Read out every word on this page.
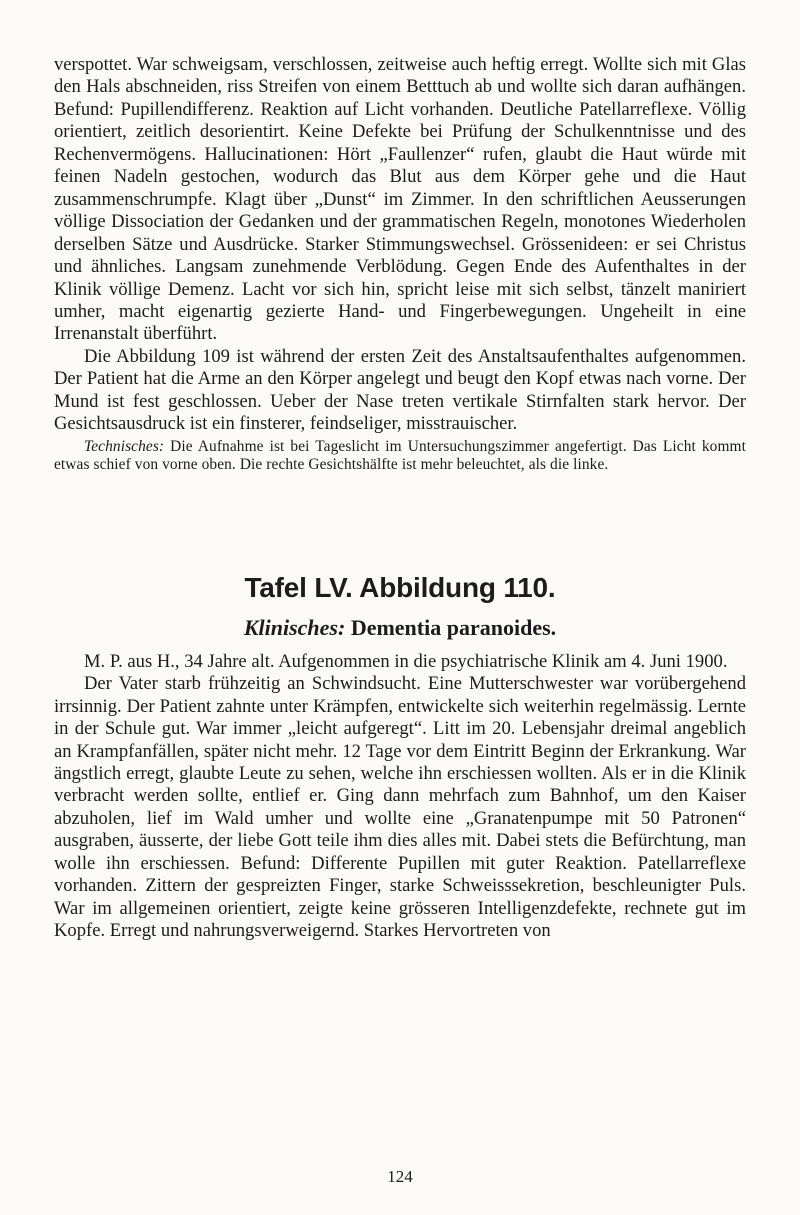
verspottet. War schweigsam, verschlossen, zeitweise auch heftig erregt. Wollte sich mit Glas den Hals abschneiden, riss Streifen von einem Betttuch ab und wollte sich daran aufhängen. Befund: Pupillendifferenz. Reaktion auf Licht vorhanden. Deutliche Patellarreflexe. Völlig orientiert, zeitlich desorientirt. Keine Defekte bei Prüfung der Schulkenntnisse und des Rechenvermögens. Hallucinationen: Hört „Faullenzer“ rufen, glaubt die Haut würde mit feinen Nadeln gestochen, wodurch das Blut aus dem Körper gehe und die Haut zusammenschrumpfe. Klagt über „Dunst“ im Zimmer. In den schriftlichen Aeusserungen völlige Dissociation der Gedanken und der grammatischen Regeln, monotones Wiederholen derselben Sätze und Ausdrücke. Starker Stimmungswechsel. Grössenideen: er sei Christus und ähnliches. Langsam zunehmende Verblödung. Gegen Ende des Aufenthaltes in der Klinik völlige Demenz. Lacht vor sich hin, spricht leise mit sich selbst, tänzelt maniriert umher, macht eigenartig gezierte Hand- und Fingerbewegungen. Ungeheilt in eine Irrenanstalt überführt.

Die Abbildung 109 ist während der ersten Zeit des Anstaltsaufenthaltes aufgenommen. Der Patient hat die Arme an den Körper angelegt und beugt den Kopf etwas nach vorne. Der Mund ist fest geschlossen. Ueber der Nase treten vertikale Stirnfalten stark hervor. Der Gesichtsausdruck ist ein finsterer, feindseliger, misstrauischer.

Technisches: Die Aufnahme ist bei Tageslicht im Untersuchungszimmer angefertigt. Das Licht kommt etwas schief von vorne oben. Die rechte Gesichtshälfte ist mehr beleuchtet, als die linke.

Tafel LV. Abbildung 110.
Klinisches: Dementia paranoides.

M. P. aus H., 34 Jahre alt. Aufgenommen in die psychiatrische Klinik am 4. Juni 1900.

Der Vater starb frühzeitig an Schwindsucht. Eine Mutterschwester war vorübergehend irrsinnig. Der Patient zahnte unter Krämpfen, entwickelte sich weiterhin regelmässig. Lernte in der Schule gut. War immer „leicht aufgeregt“. Litt im 20. Lebensjahr dreimal angeblich an Krampfanfällen, später nicht mehr. 12 Tage vor dem Eintritt Beginn der Erkrankung. War ängstlich erregt, glaubte Leute zu sehen, welche ihn erschiessen wollten. Als er in die Klinik verbracht werden sollte, entlief er. Ging dann mehrfach zum Bahnhof, um den Kaiser abzuholen, lief im Wald umher und wollte eine „Granatenpumpe mit 50 Patronen“ ausgraben, äusserte, der liebe Gott teile ihm dies alles mit. Dabei stets die Befürchtung, man wolle ihn erschiessen. Befund: Differente Pupillen mit guter Reaktion. Patellarreflexe vorhanden. Zittern der gespreizten Finger, starke Schweisssekretion, beschleunigter Puls. War im allgemeinen orientiert, zeigte keine grösseren Intelligenzdefekte, rechnete gut im Kopfe. Erregt und nahrungsverweigernd. Starkes Hervortreten von

124
